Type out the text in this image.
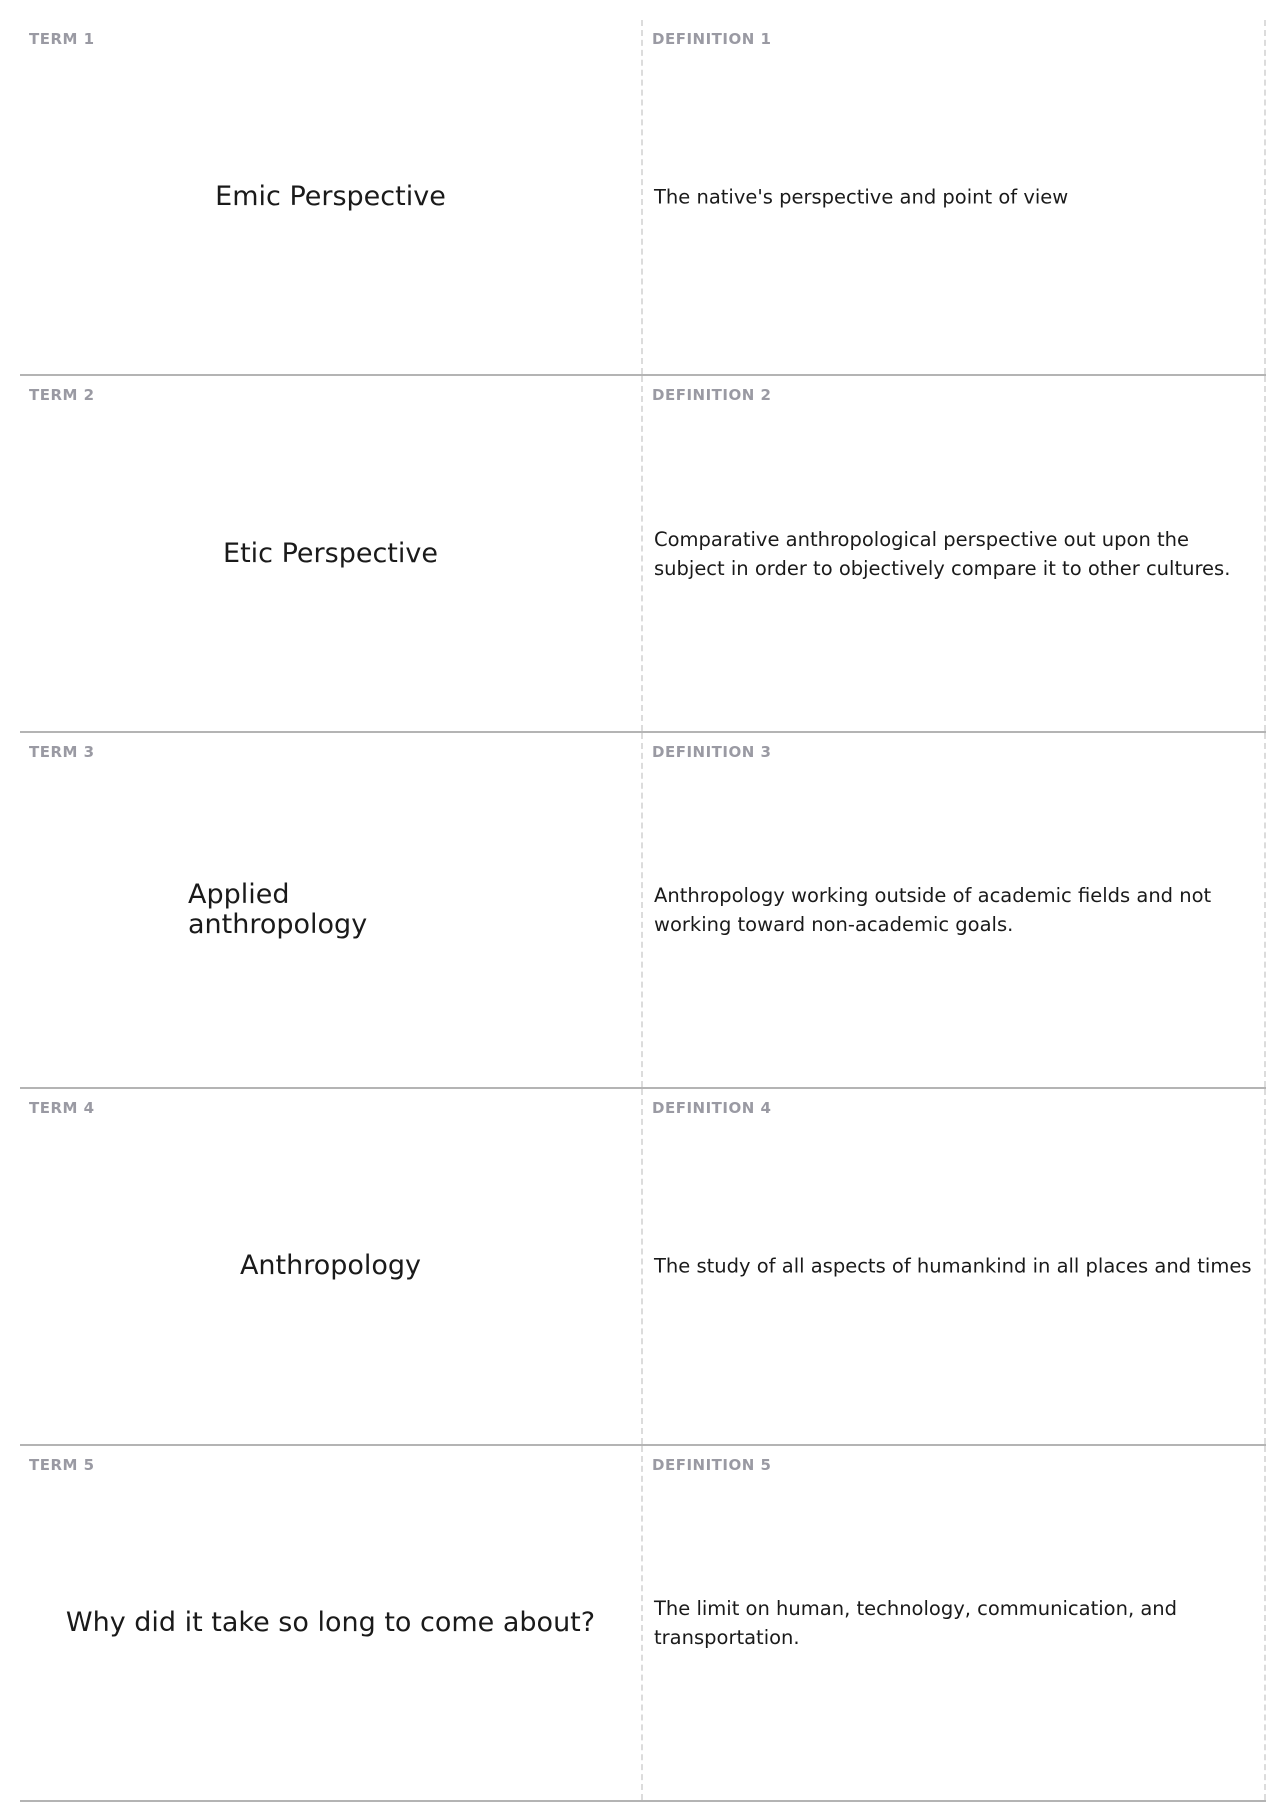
TERM 1
Emic Perspective
DEFINITION 1
The native's perspective and point of view
TERM 2
Etic Perspective
DEFINITION 2
Comparative anthropological perspective out upon the subject in order to objectively compare it to other cultures.
TERM 3
Applied anthropology
DEFINITION 3
Anthropology working outside of academic fields and not working toward non-academic goals.
TERM 4
Anthropology
DEFINITION 4
The study of all aspects of humankind in all places and times
TERM 5
Why did it take so long to come about?
DEFINITION 5
The limit on human, technology, communication, and transportation.
